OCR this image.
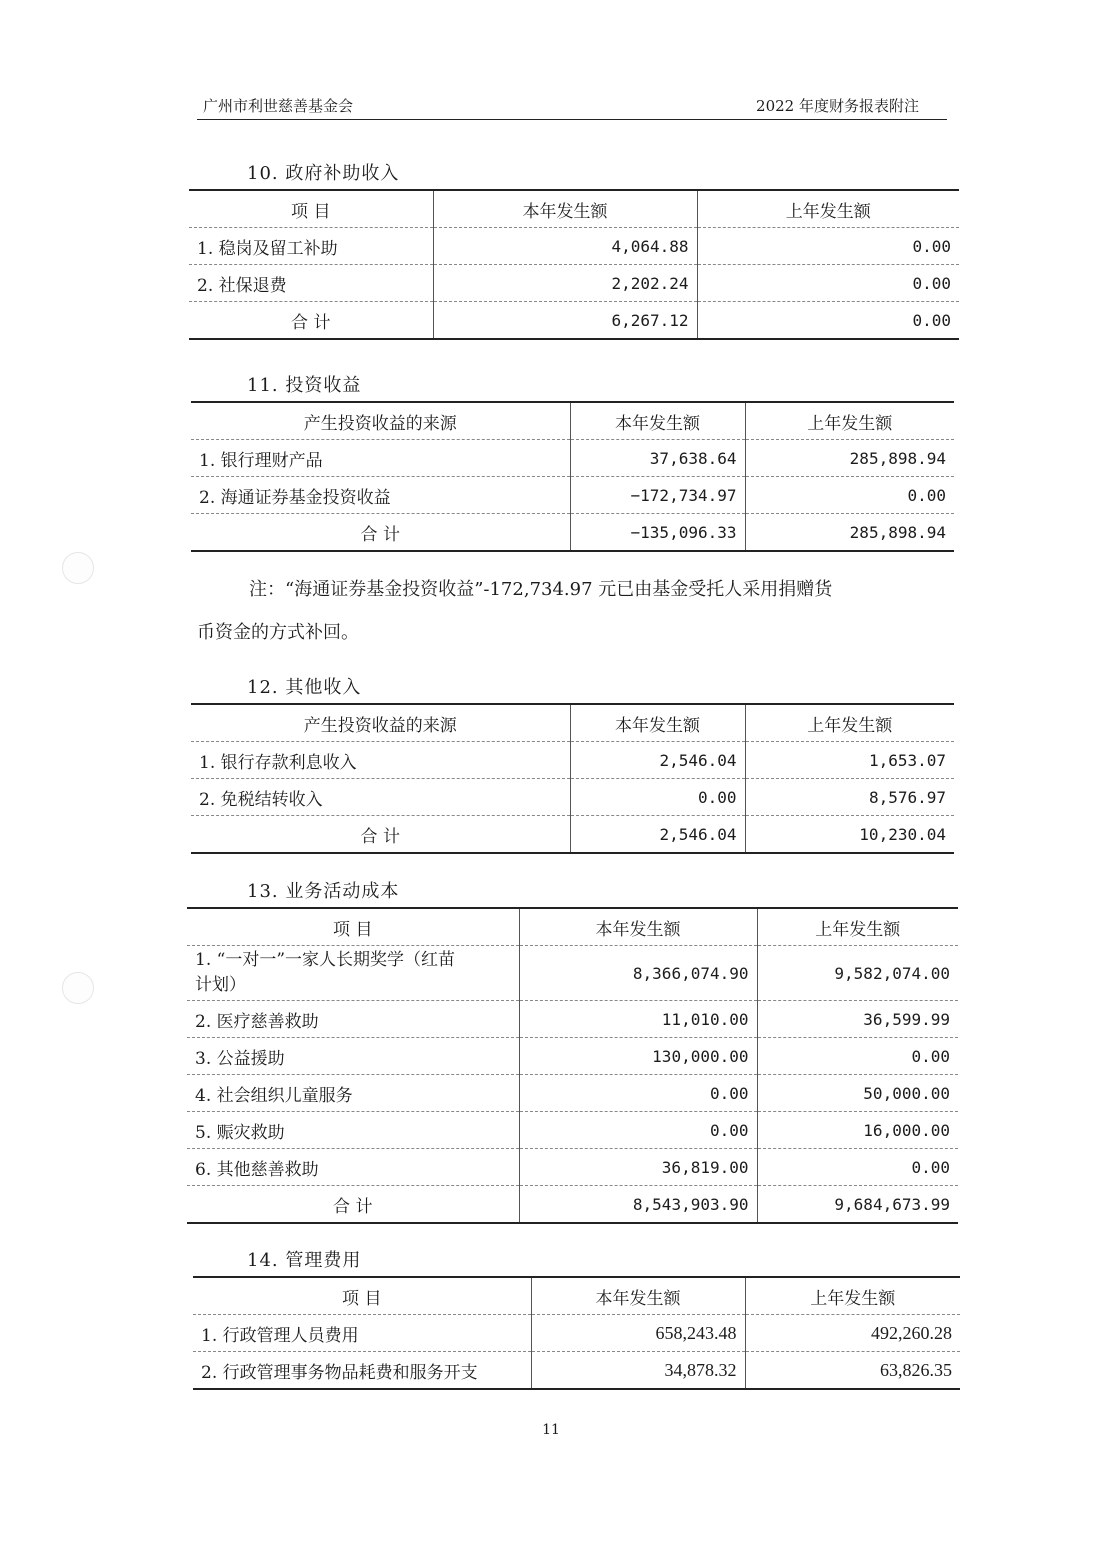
广州市利世慈善基金会	2022 年度财务报表附注
10. 政府补助收入
项 目	本年发生额	上年发生额
1. 稳岗及留工补助	4,064.88	0.00
2. 社保退费	2,202.24	0.00
合 计	6,267.12	0.00
11. 投资收益
产生投资收益的来源	本年发生额	上年发生额
1. 银行理财产品	37,638.64	285,898.94
2. 海通证券基金投资收益	−172,734.97	0.00
合 计	−135,096.33	285,898.94
注：“海通证券基金投资收益”-172,734.97 元已由基金受托人采用捐赠货
币资金的方式补回。
12. 其他收入
产生投资收益的来源	本年发生额	上年发生额
1. 银行存款利息收入	2,546.04	1,653.07
2. 免税结转收入	0.00	8,576.97
合 计	2,546.04	10,230.04
13. 业务活动成本
项 目	本年发生额	上年发生额
1. “一对一”一家人长期奖学（红苗
计划）	8,366,074.90	9,582,074.00
2. 医疗慈善救助	11,010.00	36,599.99
3. 公益援助	130,000.00	0.00
4. 社会组织儿童服务	0.00	50,000.00
5. 赈灾救助	0.00	16,000.00
6. 其他慈善救助	36,819.00	0.00
合 计	8,543,903.90	9,684,673.99
14. 管理费用
项 目	本年发生额	上年发生额
1. 行政管理人员费用	658,243.48	492,260.28
2. 行政管理事务物品耗费和服务开支	34,878.32	63,826.35
11
